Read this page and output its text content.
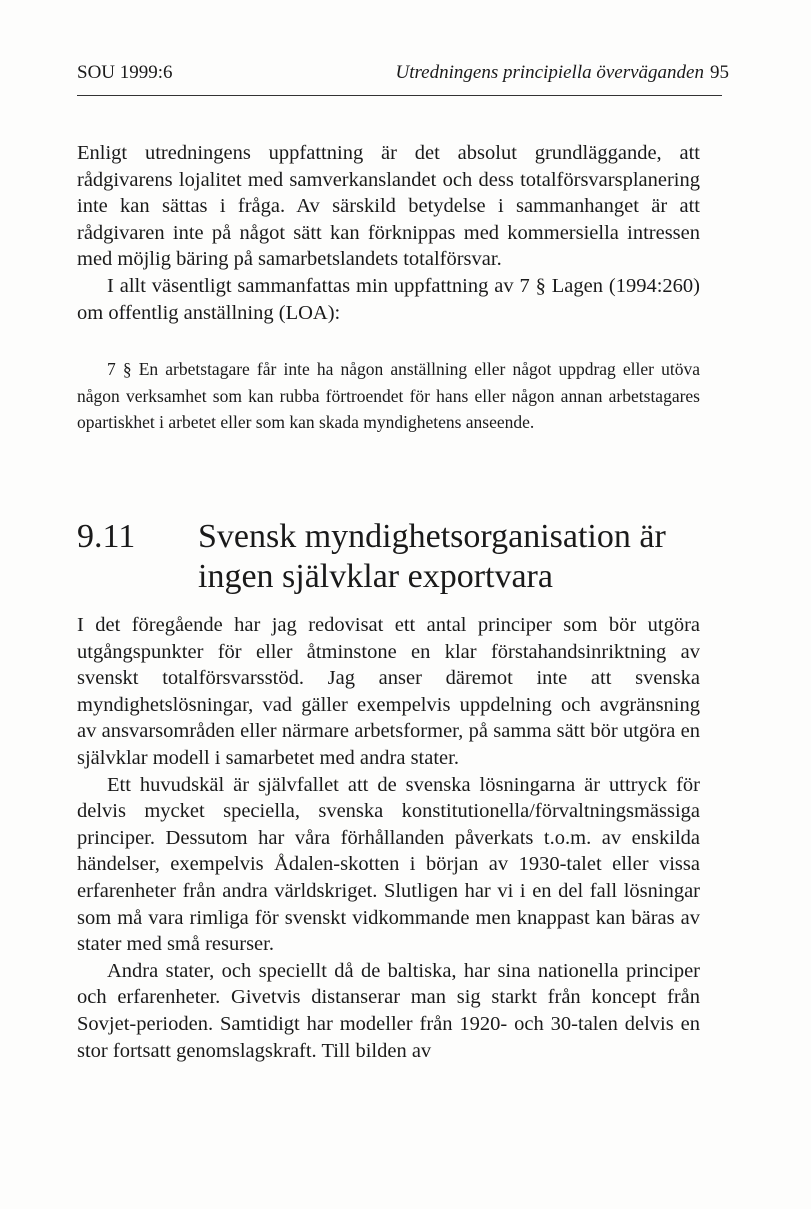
SOU 1999:6	Utredningens principiella överväganden 95

Enligt utredningens uppfattning är det absolut grundläggande, att rådgivarens lojalitet med samverkanslandet och dess totalförsvarsplanering inte kan sättas i fråga. Av särskild betydelse i sammanhanget är att rådgivaren inte på något sätt kan förknippas med kommersiella intressen med möjlig bäring på samarbetslandets totalförsvar.

I allt väsentligt sammanfattas min uppfattning av 7 § Lagen (1994:260) om offentlig anställning (LOA):

7 § En arbetstagare får inte ha någon anställning eller något uppdrag eller utöva någon verksamhet som kan rubba förtroendet för hans eller någon annan arbetstagares opartiskhet i arbetet eller som kan skada myndighetens anseende.

9.11 Svensk myndighetsorganisation är ingen självklar exportvara

I det föregående har jag redovisat ett antal principer som bör utgöra utgångspunkter för eller åtminstone en klar förstahandsinriktning av svenskt totalförsvarsstöd. Jag anser däremot inte att svenska myndighetslösningar, vad gäller exempelvis uppdelning och avgränsning av ansvarsområden eller närmare arbetsformer, på samma sätt bör utgöra en självklar modell i samarbetet med andra stater.

Ett huvudskäl är självfallet att de svenska lösningarna är uttryck för delvis mycket speciella, svenska konstitutionella/förvaltningsmässiga principer. Dessutom har våra förhållanden påverkats t.o.m. av enskilda händelser, exempelvis Ådalen-skotten i början av 1930-talet eller vissa erfarenheter från andra världskriget. Slutligen har vi i en del fall lösningar som må vara rimliga för svenskt vidkommande men knappast kan bäras av stater med små resurser.

Andra stater, och speciellt då de baltiska, har sina nationella principer och erfarenheter. Givetvis distanserar man sig starkt från koncept från Sovjet-perioden. Samtidigt har modeller från 1920- och 30-talen delvis en stor fortsatt genomslagskraft. Till bilden av
